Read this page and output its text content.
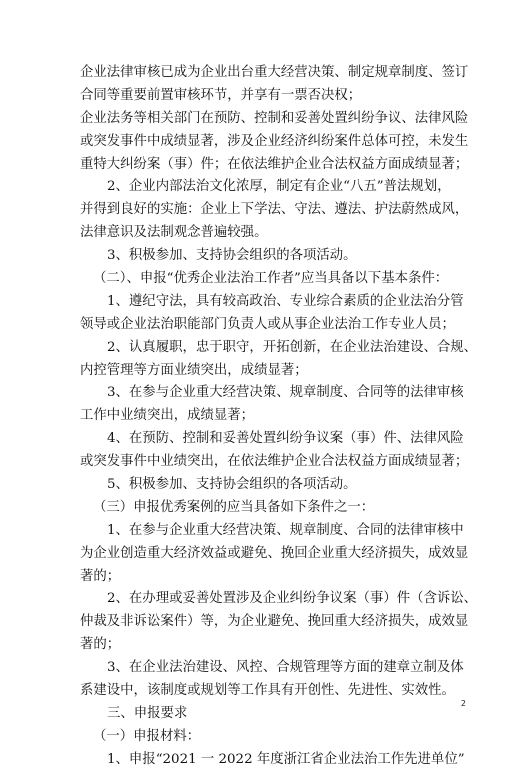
企业法律审核已成为企业出台重大经营决策、制定规章制度、签订
合同等重要前置审核环节，并享有一票否决权；
企业法务等相关部门在预防、控制和妥善处置纠纷争议、法律风险
或突发事件中成绩显著，涉及企业经济纠纷案件总体可控，未发生
重特大纠纷案（事）件；在依法维护企业合法权益方面成绩显著；
2、企业内部法治文化浓厚，制定有企业“八五”普法规划，
并得到良好的实施：企业上下学法、守法、遵法、护法蔚然成风，
法律意识及法制观念普遍较强。
3、积极参加、支持协会组织的各项活动。
（二）、申报“优秀企业法治工作者”应当具备以下基本条件：
1、遵纪守法，具有较高政治、专业综合素质的企业法治分管
领导或企业法治职能部门负责人或从事企业法治工作专业人员；
2、认真履职，忠于职守，开拓创新，在企业法治建设、合规、
内控管理等方面业绩突出，成绩显著；
3、在参与企业重大经营决策、规章制度、合同等的法律审核
工作中业绩突出，成绩显著；
4、在预防、控制和妥善处置纠纷争议案（事）件、法律风险
或突发事件中业绩突出，在依法维护企业合法权益方面成绩显著；
5、积极参加、支持协会组织的各项活动。
（三）申报优秀案例的应当具备如下条件之一：
1、在参与企业重大经营决策、规章制度、合同的法律审核中
为企业创造重大经济效益或避免、挽回企业重大经济损失，成效显
著的；
2、在办理或妥善处置涉及企业纠纷争议案（事）件（含诉讼、
仲裁及非诉讼案件）等，为企业避免、挽回重大经济损失，成效显
著的；
3、在企业法治建设、风控、合规管理等方面的建章立制及体
系建设中，该制度或规划等工作具有开创性、先进性、实效性。
三、申报要求
（一）申报材料：
1、申报“2021 一 2022 年度浙江省企业法治工作先进单位”
2
